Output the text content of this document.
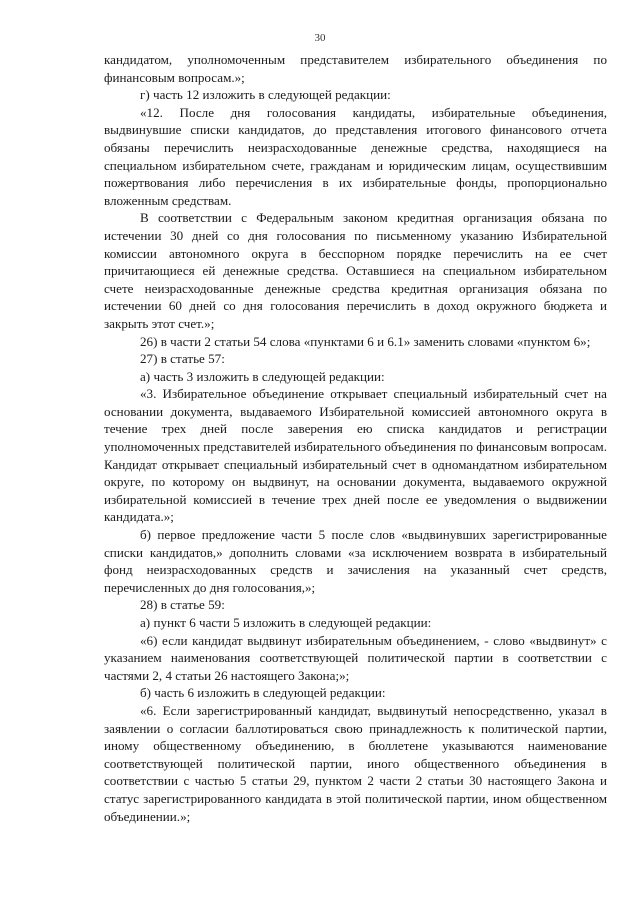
30

кандидатом, уполномоченным представителем избирательного объединения по финансовым вопросам.»;

г) часть 12 изложить в следующей редакции:

«12. После дня голосования кандидаты, избирательные объединения, выдвинувшие списки кандидатов, до представления итогового финансового отчета обязаны перечислить неизрасходованные денежные средства, находящиеся на специальном избирательном счете, гражданам и юридическим лицам, осуществившим пожертвования либо перечисления в их избирательные фонды, пропорционально вложенным средствам.

В соответствии с Федеральным законом кредитная организация обязана по истечении 30 дней со дня голосования по письменному указанию Избирательной комиссии автономного округа в бесспорном порядке перечислить на ее счет причитающиеся ей денежные средства. Оставшиеся на специальном избирательном счете неизрасходованные денежные средства кредитная организация обязана по истечении 60 дней со дня голосования перечислить в доход окружного бюджета и закрыть этот счет.»;

26) в части 2 статьи 54 слова «пунктами 6 и 6.1» заменить словами «пунктом 6»;

27) в статье 57:

а) часть 3 изложить в следующей редакции:

«3. Избирательное объединение открывает специальный избирательный счет на основании документа, выдаваемого Избирательной комиссией автономного округа в течение трех дней после заверения ею списка кандидатов и регистрации уполномоченных представителей избирательного объединения по финансовым вопросам. Кандидат открывает специальный избирательный счет в одномандатном избирательном округе, по которому он выдвинут, на основании документа, выдаваемого окружной избирательной комиссией в течение трех дней после ее уведомления о выдвижении кандидата.»;

б) первое предложение части 5 после слов «выдвинувших зарегистрированные списки кандидатов,» дополнить словами «за исключением возврата в избирательный фонд неизрасходованных средств и зачисления на указанный счет средств, перечисленных до дня голосования,»;

28) в статье 59:

а) пункт 6 части 5 изложить в следующей редакции:

«6) если кандидат выдвинут избирательным объединением, - слово «выдвинут» с указанием наименования соответствующей политической партии в соответствии с частями 2, 4 статьи 26 настоящего Закона;»;

б) часть 6 изложить в следующей редакции:

«6. Если зарегистрированный кандидат, выдвинутый непосредственно, указал в заявлении о согласии баллотироваться свою принадлежность к политической партии, иному общественному объединению, в бюллетене указываются наименование соответствующей политической партии, иного общественного объединения в соответствии с частью 5 статьи 29, пунктом 2 части 2 статьи 30 настоящего Закона и статус зарегистрированного кандидата в этой политической партии, ином общественном объединении.»;
